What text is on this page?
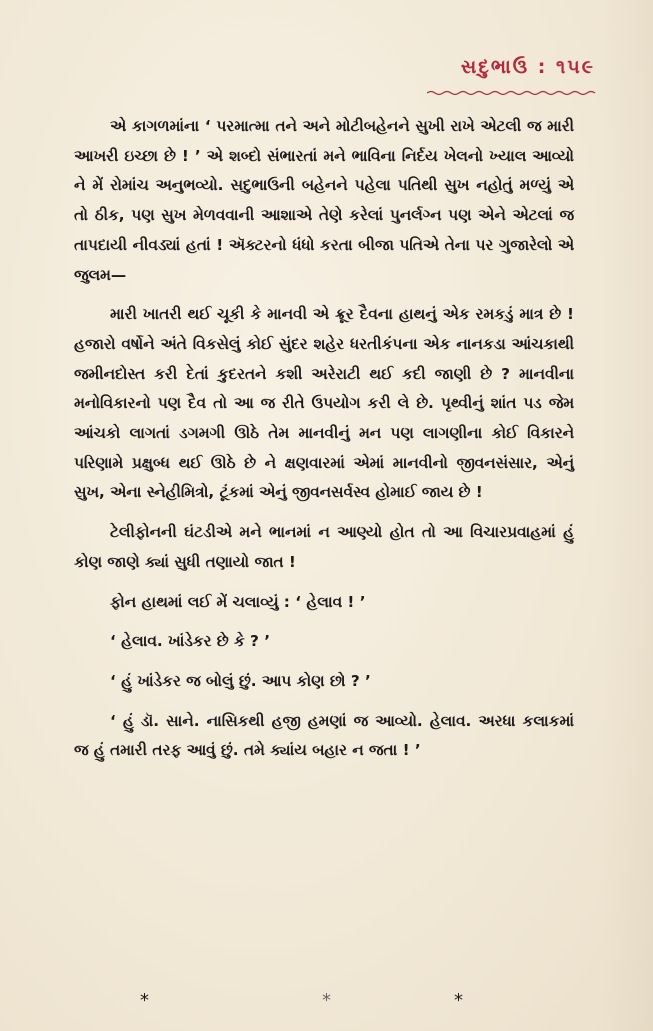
સદુભાઉ : ૧૫૯

એ કાગળમાંના ‘ પરમાત્મા તને અને મોટીબહેનને સુખી રાખે એટલી જ મારી આખરી ઇચ્છા છે ! ’ એ શબ્દો સંભારતાં મને ભાવિના નિર્દય ખેલનો ખ્યાલ આવ્યો ને મેં રોમાંચ અનુભવ્યો. સદુભાઉની બહેનને પહેલા પતિથી સુખ નહોતું મળ્યું એ તો ઠીક, પણ સુખ મેળવવાની આશાએ તેણે કરેલાં પુનર્લગ્ન પણ એને એટલાં જ તાપદાયી નીવડ્યાં હતાં ! ઍક્ટરનો ધંધો કરતા બીજા પતિએ તેના પર ગુજારેલો એ જુલમ—

મારી ખાતરી થઈ ચૂકી કે માનવી એ ક્રૂર દૈવના હાથનું એક રમકડું માત્ર છે ! હજારો વર્ષોને અંતે વિકસેલું કોઈ સુંદર શહેર ધરતીકંપના એક નાનકડા આંચકાથી જમીનદોસ્ત કરી દેતાં કુદરતને કશી અરેરાટી થઈ કદી જાણી છે ? માનવીના મનોવિકારનો પણ દૈવ તો આ જ રીતે ઉપયોગ કરી લે છે. પૃથ્વીનું શાંત પડ જેમ આંચકો લાગતાં ડગમગી ઊઠે તેમ માનવીનું મન પણ લાગણીના કોઈ વિકારને પરિણામે પ્રક્ષુબ્ધ થઈ ઊઠે છે ને ક્ષણવારમાં એમાં માનવીનો જીવનસંસાર, એનું સુખ, એના સ્નેહીમિત્રો, ટૂંકમાં એનું જીવનસર્વસ્વ હોમાઈ જાય છે !

ટેલીફોનની ઘંટડીએ મને ભાનમાં ન આણ્યો હોત તો આ વિચારપ્રવાહમાં હું કોણ જાણે ક્યાં સુધી તણાયો જાત !

ફોન હાથમાં લઈ મેં ચલાવ્યું : ‘ હેલાવ ! ’

‘ હેલાવ. ખાંડેકર છે કે ? ’

‘ હું ખાંડેકર જ બોલું છું. આપ કોણ છો ? ’

‘ હું ડૉ. સાને. નાસિકથી હજી હમણાં જ આવ્યો. હેલાવ. અરધા કલાકમાં જ હું તમારી તરફ આવું છું. તમે ક્યાંય બહાર ન જતા ! ’

*	*	*
